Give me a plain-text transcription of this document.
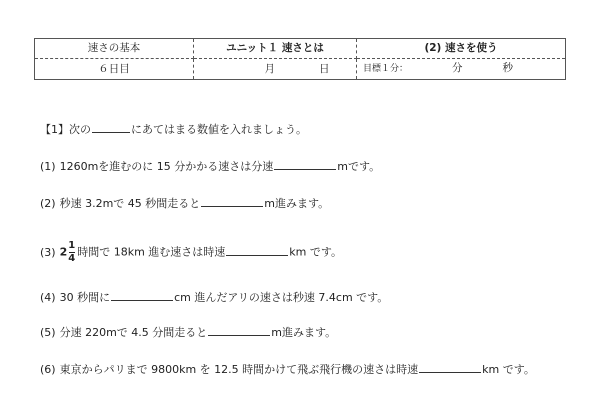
速さの基本	ユニット１ 速さとは	(2) 速さを使う
６日目	月 日	目標１分： 分 秒
【1】次の	にあてはまる数値を入れましょう。
(1) 1260mを進むのに 15 分かかる速さは分速	mです。
(2) 秒速 3.2mで 45 秒間走ると	m進みます。
(3) $2 \frac{1}{4}$ 時間で 18km 進む速さは時速	km です。
(4) 30 秒間に	cm 進んだアリの速さは秒速 7.4cm です。
(5) 分速 220mで 4.5 分間走ると	m進みます。
(6) 東京からパリまで 9800km を 12.5 時間かけて飛ぶ飛行機の速さは時速	km です。
